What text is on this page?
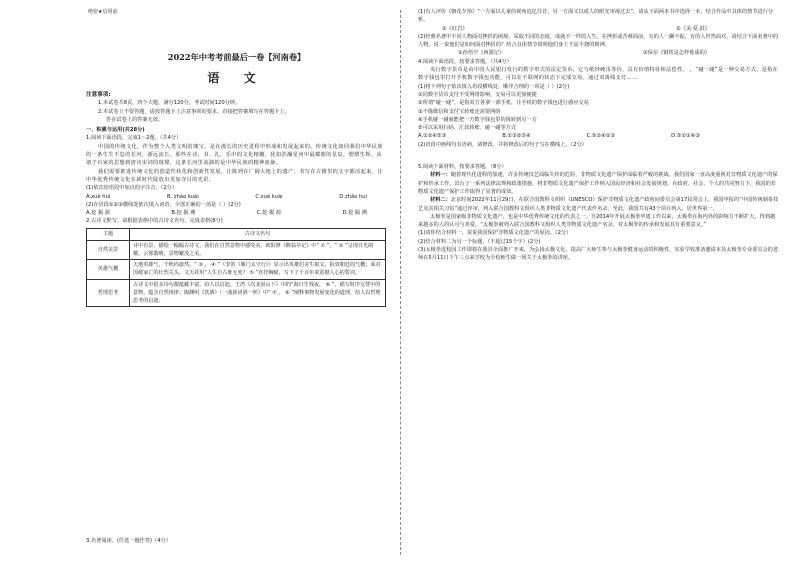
绝密★启用前
2022年中考考前最后一卷【河南卷】
语 文
注意事项:
1.本试卷共8页，四个大题，满分120分，考试时间120分钟。
2.本试卷上不要答题，请按答题卡上注意事项的要求，直接把答案填写在答题卡上。
答在试卷上的答案无效。
一、积累与运用(共28分)
1.阅读下面语段，完成1～2题。（共4分）
中国的传统文化，作为整个人类文明的瑰宝，是在漫长的历史进程中形成和发展起来的。传统文化如同我们中华民族的一条生生不息的长河，源远流长。那些在诗、书、礼、乐中的文化精髓，犹如浩瀚星河中最耀眼的星辰，熠熠生辉。从诸子百家的思想到唐诗宋词的璀璨，这条长河里流淌的是中华民族的精神血脉。
我们需要推进传统文化的创造性转化和创新性发展，让陈列在广阔大地上的遗产、书写在古籍里的文字都活起来，让中华优秀传统文化在新时代绽放出更加夺目的光彩。
(1)依次给语段中加点的字注音。（2分）
A.xuè huì	B. zhǎo kuài	C.xuè kuài	D.zhǎo huì
(2)在语段①②③横线处依次填入词语，全部正确的一项是（ ）(2分)
A.挖 掘 源	B.挖 掘 溯	C.挖 掘 源	D.挖 掘 溯
2.古诗文默写。请根据表格中的古诗文名句，完成表格(8分)
主题	古诗文名句
自然美景	诗中有景，描绘一幅幅古诗文，我们在自然景物中感受美。欧阳修《醉翁亭记》中“ ① ”，“ ② ”呈现日光朗耀，云雾散晴，景物繁茂之美。
英雄气概	天地英雄气，千秋尚凛然。“ ③ ， ④ ”（李贺《雁门太守行》）显示出英雄们舍生取义、报效朝廷的气概；面对国破家亡的壮烈关头，文天祥用“人生自古谁无死？ ⑤ ”直抒胸臆，写下了千百年来震撼人心的誓词。
哲理思考	古诗文中很多诗句都蕴藏丰富，给人以启迪。王湾《次北固山下》中的“海日生残夜， ⑥ ”，描写时序交替中的景物，蕴含自然规律；陶渊明《饮酒》（一曲新词酒一杯）中“ ⑦ ， ⑧ ”阐释事物发展变化的道理，给人以哲理思考的启迪。
3.名著阅读。(任选一题作答)（4分）

(1)有人评价《朝花夕拾》“一方面以儿童的视角追忆往昔，另一方面又以成人的眼光审视过去”。请从下面两本书中选择一本，结合作品中具体的情节进行分析。

①《红岩》	②《美·爱·鼓》

(2)经典名著中不同人物面对挫折的困境，采取不同的态度，成就不一样的人生。在挫折或苦难面前，有的人一蹶不振，有的人坦然面对。请结合下面名著中的人物，说一说他们是如何面对挫折的？结合具体情节说明他们身上不屈不挠的精神。

①孙悟空《西游记》	②保尔《钢铁是怎样炼成的》

4.阅读下面语段，按要求答题。（共4分）

央行数字货币是由中国人民银行发行的数字形式的法定货币，它与纸钞硬币等价，具有价值特征和法偿性。 ，“碰一碰”是一种交易方式，是指在数字钱包里打开手机数字钱包功能，可以在不联网的状态下完成交易。通过双离线支付……

(1)将下列句子依次填入语段横线处，顺序合理的一项是（ ）(2分)

①同数字货币支付不受网络影响，交易可以更加便捷

②所谓“碰一碰”，是指双方各拿一部手机，让手机的数字钱包进行感应交易

③不像微信和支付宝转账还需要网络

④手机碰一碰就能把一方数字钱包里的钱转到另一方

⑤可以采用扫码、汇款转账、碰一碰等方式

A.①②④⑤③	B.①③②⑤④	C.⑤②④①③	D.⑤②①④③

(2)语段中画线句有语病，请修改，并将修改后的句子写在横线上。（2分）

5.阅读下面材料，按要求答题。（8分）

材料一：随着现代化进程的加速，许多传统技艺面临失传的危险，非物质文化遗产保护面临着严峻的挑战。我们国家一直高度重视对非物质文化遗产的保护和传承工作，出台了一系列法律法规和政策措施，将非物质文化遗产保护工作纳入国民经济和社会发展规划。在政府、社会、个人的共同努力下，我国的非物质文化遗产保护工作取得了显著的成效。

材料二：北京时间2022年11月29日，在联合国教科文组织（UNESCO）保护非物质文化遗产政府间委员会第17届常会上，我国申报的“中国传统制茶技艺及其相关习俗”通过评审，列入联合国教科文组织人类非物质文化遗产代表作名录。至此，我国共有43个项目列入，居世界第一。

太极拳是国家级非物质文化遗产，也是中华优秀传统文化的代表之一。自2014年开展太极拳申遗工作以来，太极拳在海内外的影响力不断扩大，得到越来越多的人的认可与喜爱。“太极拳被列入联合国教科文组织人类非物质文化遗产名录，对太极拳的传承和发展具有重要意义。”

(1)请你结合材料一，说说我国保护非物质文化遗产的原因。（2分）

(2)结合材料二为另一个标题，（不超过15个字）(2分)

(3)太极拳进校园工作即将在我县全面推广开来，为弘扬太极文化，提高广大师生参与太极拳健身运动的积极性，实验学校准备邀请本县太极拳专业委员会的老师在5月11日下午三点来学校为全校师生做一场关于太极拳的讲座。
